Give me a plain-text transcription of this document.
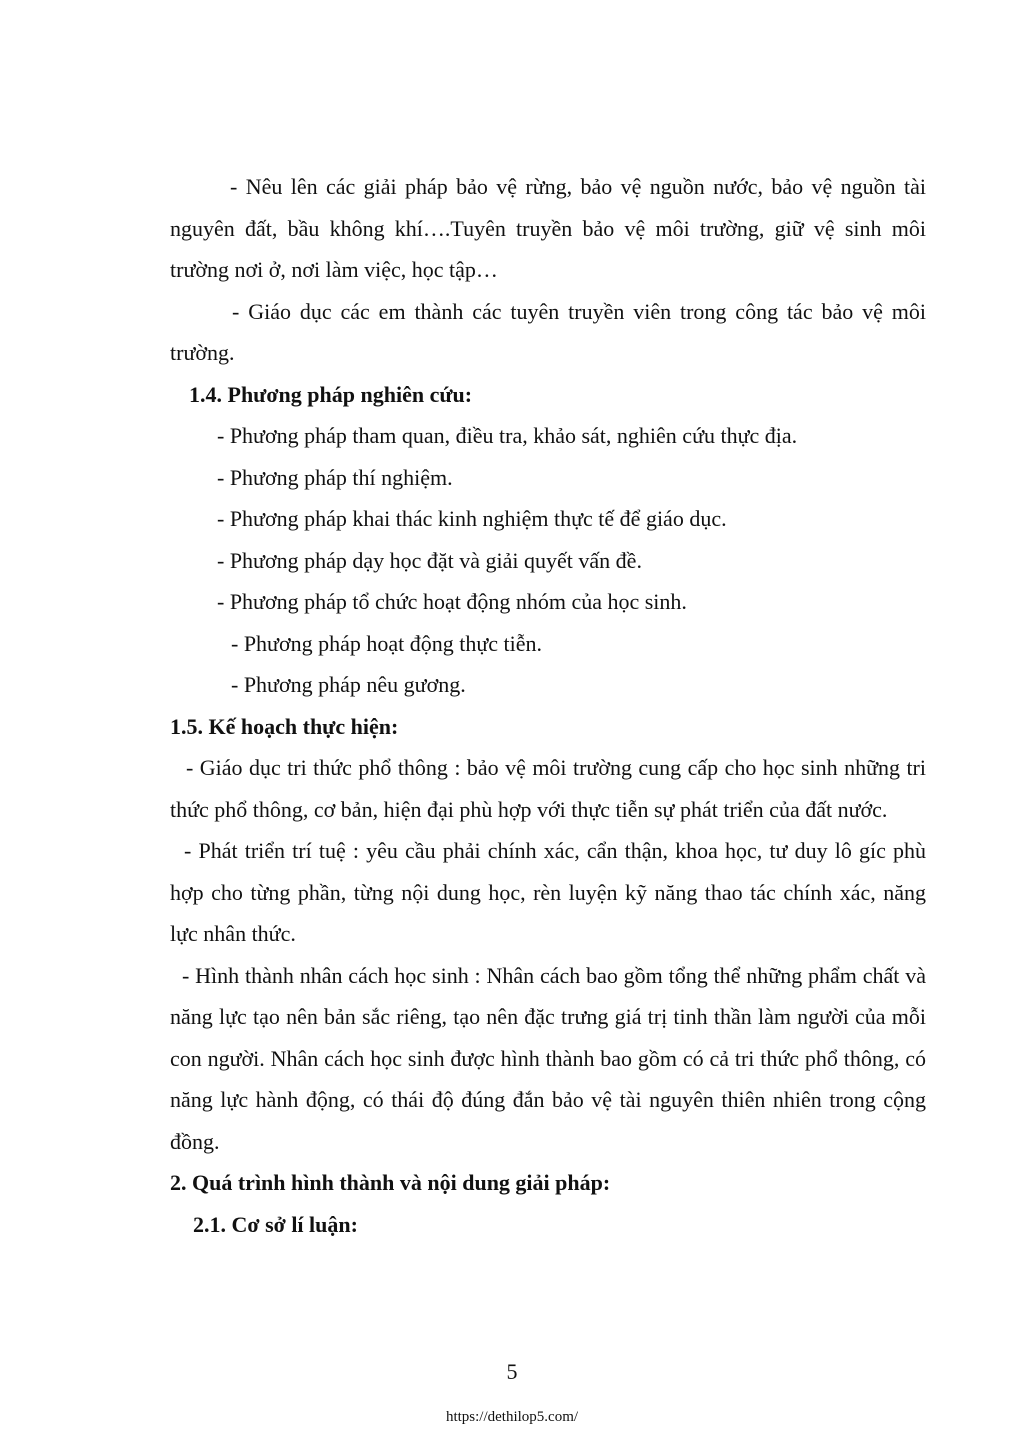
- Nêu lên các giải pháp bảo vệ rừng, bảo vệ nguồn nước, bảo vệ nguồn tài nguyên đất, bầu không khí….Tuyên truyền bảo vệ môi trường, giữ vệ sinh môi trường nơi ở, nơi làm việc, học tập…

- Giáo dục các em thành các tuyên truyền viên trong công tác bảo vệ môi trường.

1.4. Phương pháp nghiên cứu:

- Phương pháp tham quan, điều tra, khảo sát, nghiên cứu thực địa.

- Phương pháp thí nghiệm.

- Phương pháp khai thác kinh nghiệm thực tế để giáo dục.

- Phương pháp dạy học đặt và giải quyết vấn đề.

- Phương pháp tổ chức hoạt động nhóm của học sinh.

- Phương pháp hoạt động thực tiễn.

- Phương pháp nêu gương.

1.5. Kế hoạch thực hiện:

- Giáo dục tri thức phổ thông : bảo vệ môi trường cung cấp cho học sinh những tri thức phổ thông, cơ bản, hiện đại phù hợp với thực tiễn sự phát triển của đất nước.

- Phát triển trí tuệ : yêu cầu phải chính xác, cẩn thận, khoa học, tư duy lô gíc phù hợp cho từng phần, từng nội dung học, rèn luyện kỹ năng thao tác chính xác, năng lực nhân thức.

- Hình thành nhân cách học sinh : Nhân cách bao gồm tổng thể những phẩm chất và năng lực tạo nên bản sắc riêng, tạo nên đặc trưng giá trị tinh thần làm người của mỗi con người. Nhân cách học sinh được hình thành bao gồm có cả tri thức phổ thông, có năng lực hành động, có thái độ đúng đắn bảo vệ tài nguyên thiên nhiên trong cộng đồng.

2. Quá trình hình thành và nội dung giải pháp:

2.1. Cơ sở lí luận:

5
https://dethilop5.com/
